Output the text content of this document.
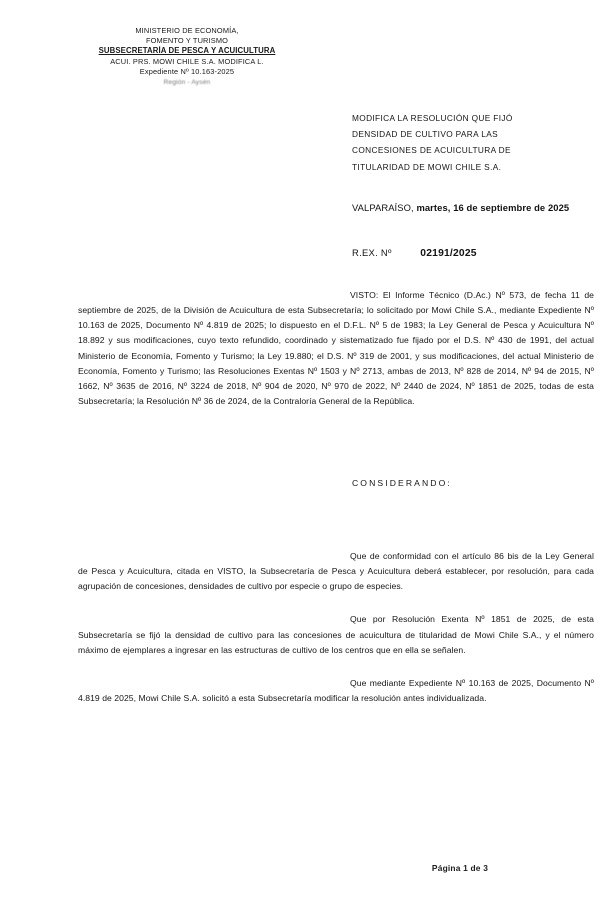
MINISTERIO DE ECONOMÍA,
FOMENTO Y TURISMO
SUBSECRETARÍA DE PESCA Y ACUICULTURA
ACUI. PRS. MOWI CHILE S.A. MODIFICA L.
Expediente Nº 10.163-2025
Región - Aysén
MODIFICA LA RESOLUCIÓN QUE FIJÓ
DENSIDAD DE CULTIVO PARA LAS
CONCESIONES DE ACUICULTURA DE
TITULARIDAD DE MOWI CHILE S.A.
VALPARAÍSO, martes, 16 de septiembre de 2025
R.EX. Nº	02191/2025
CONSIDERANDO:

VISTO: El Informe Técnico (D.Ac.) Nº 573, de fecha 11 de septiembre de 2025, de la División de Acuicultura de esta Subsecretaría; lo solicitado por Mowi Chile S.A., mediante Expediente Nº 10.163 de 2025, Documento Nº 4.819 de 2025; lo dispuesto en el D.F.L. Nº 5 de 1983; la Ley General de Pesca y Acuicultura Nº 18.892 y sus modificaciones, cuyo texto refundido, coordinado y sistematizado fue fijado por el D.S. Nº 430 de 1991, del actual Ministerio de Economía, Fomento y Turismo; la Ley 19.880; el D.S. Nº 319 de 2001, y sus modificaciones, del actual Ministerio de Economía, Fomento y Turismo; las Resoluciones Exentas Nº 1503 y Nº 2713, ambas de 2013, Nº 828 de 2014, Nº 94 de 2015, Nº 1662, Nº 3635 de 2016, Nº 3224 de 2018, Nº 904 de 2020, Nº 970 de 2022, Nº 2440 de 2024, Nº 1851 de 2025, todas de esta Subsecretaría; la Resolución Nº 36 de 2024, de la Contraloría General de la República.

Que de conformidad con el artículo 86 bis de la Ley General de Pesca y Acuicultura, citada en VISTO, la Subsecretaría de Pesca y Acuicultura deberá establecer, por resolución, para cada agrupación de concesiones, densidades de cultivo por especie o grupo de especies.

Que por Resolución Exenta Nº 1851 de 2025, de esta Subsecretaría se fijó la densidad de cultivo para las concesiones de acuicultura de titularidad de Mowi Chile S.A., y el número máximo de ejemplares a ingresar en las estructuras de cultivo de los centros que en ella se señalen.

Que mediante Expediente Nº 10.163 de 2025, Documento Nº 4.819 de 2025, Mowi Chile S.A. solicitó a esta Subsecretaría modificar la resolución antes individualizada.

Página 1 de 3
